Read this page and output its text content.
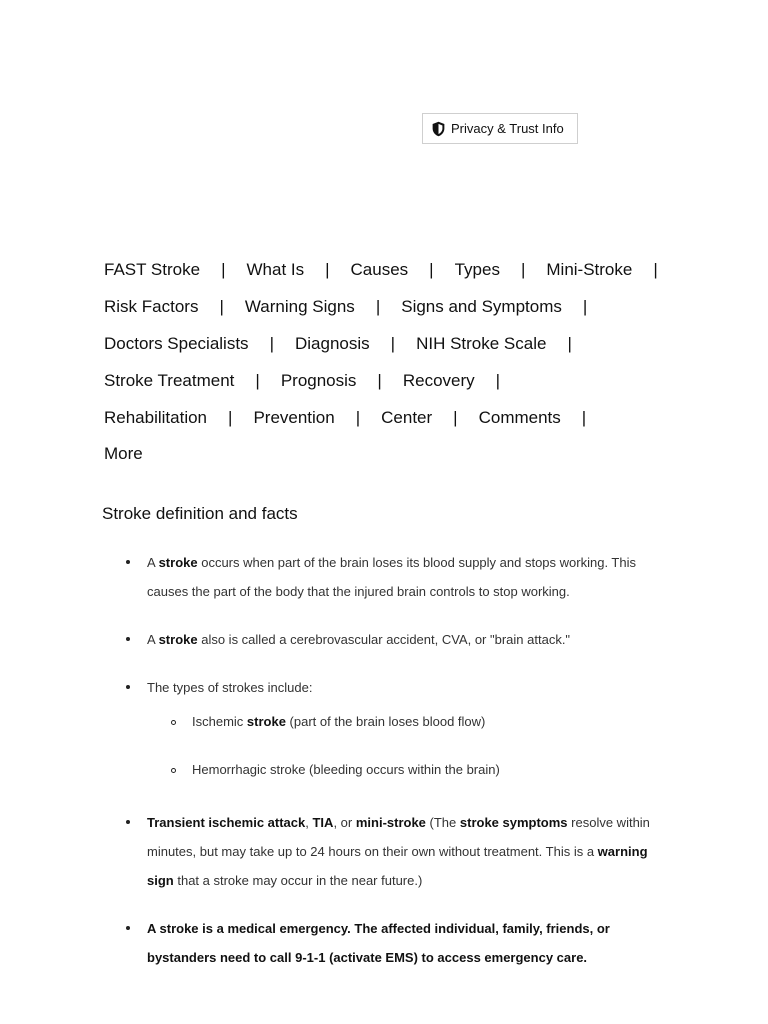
Privacy & Trust Info
FAST Stroke | What Is | Causes | Types | Mini-Stroke |
Risk Factors | Warning Signs | Signs and Symptoms |
Doctors Specialists | Diagnosis | NIH Stroke Scale |
Stroke Treatment | Prognosis | Recovery |
Rehabilitation | Prevention | Center | Comments |
More
Stroke definition and facts
A stroke occurs when part of the brain loses its blood supply and stops working. This causes the part of the body that the injured brain controls to stop working.
A stroke also is called a cerebrovascular accident, CVA, or "brain attack."
The types of strokes include:
Ischemic stroke (part of the brain loses blood flow)
Hemorrhagic stroke (bleeding occurs within the brain)
Transient ischemic attack, TIA, or mini-stroke (The stroke symptoms resolve within minutes, but may take up to 24 hours on their own without treatment. This is a warning sign that a stroke may occur in the near future.)
A stroke is a medical emergency. The affected individual, family, friends, or bystanders need to call 9-1-1 (activate EMS) to access emergency care.
